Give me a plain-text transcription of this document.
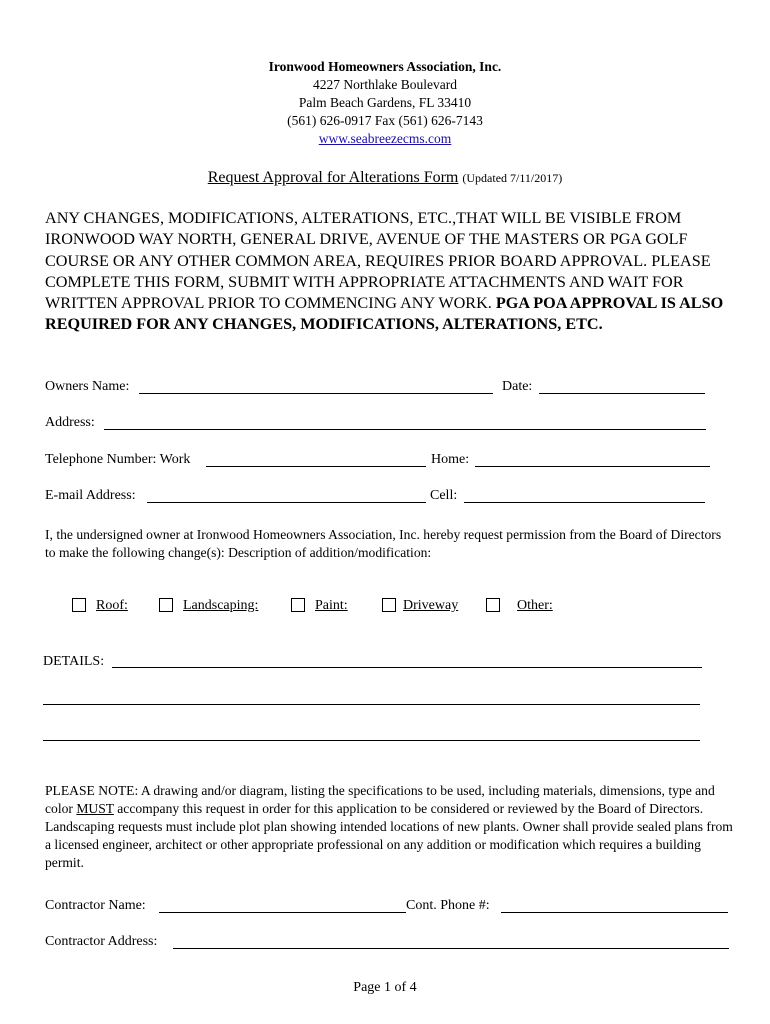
Ironwood Homeowners Association, Inc.
4227 Northlake Boulevard
Palm Beach Gardens, FL 33410
(561) 626-0917 Fax (561) 626-7143
www.seabreezecms.com
Request Approval for Alterations Form (Updated 7/11/2017)
ANY CHANGES, MODIFICATIONS, ALTERATIONS, ETC.,THAT WILL BE VISIBLE FROM IRONWOOD WAY NORTH, GENERAL DRIVE, AVENUE OF THE MASTERS OR PGA GOLF COURSE OR ANY OTHER COMMON AREA, REQUIRES PRIOR BOARD APPROVAL. PLEASE COMPLETE THIS FORM, SUBMIT WITH APPROPRIATE ATTACHMENTS AND WAIT FOR WRITTEN APPROVAL PRIOR TO COMMENCING ANY WORK. PGA POA APPROVAL IS ALSO REQUIRED FOR ANY CHANGES, MODIFICATIONS, ALTERATIONS, ETC.
Owners Name:	Date:
Address:
Telephone Number: Work	Home:
E-mail Address:	Cell:
I, the undersigned owner at Ironwood Homeowners Association, Inc. hereby request permission from the Board of Directors to make the following change(s): Description of addition/modification:
Roof:	Landscaping:	Paint:	Driveway	Other:
DETAILS:
PLEASE NOTE: A drawing and/or diagram, listing the specifications to be used, including materials, dimensions, type and color MUST accompany this request in order for this application to be considered or reviewed by the Board of Directors. Landscaping requests must include plot plan showing intended locations of new plants. Owner shall provide sealed plans from a licensed engineer, architect or other appropriate professional on any addition or modification which requires a building permit.
Contractor Name:	Cont. Phone #:
Contractor Address:
Page 1 of 4
